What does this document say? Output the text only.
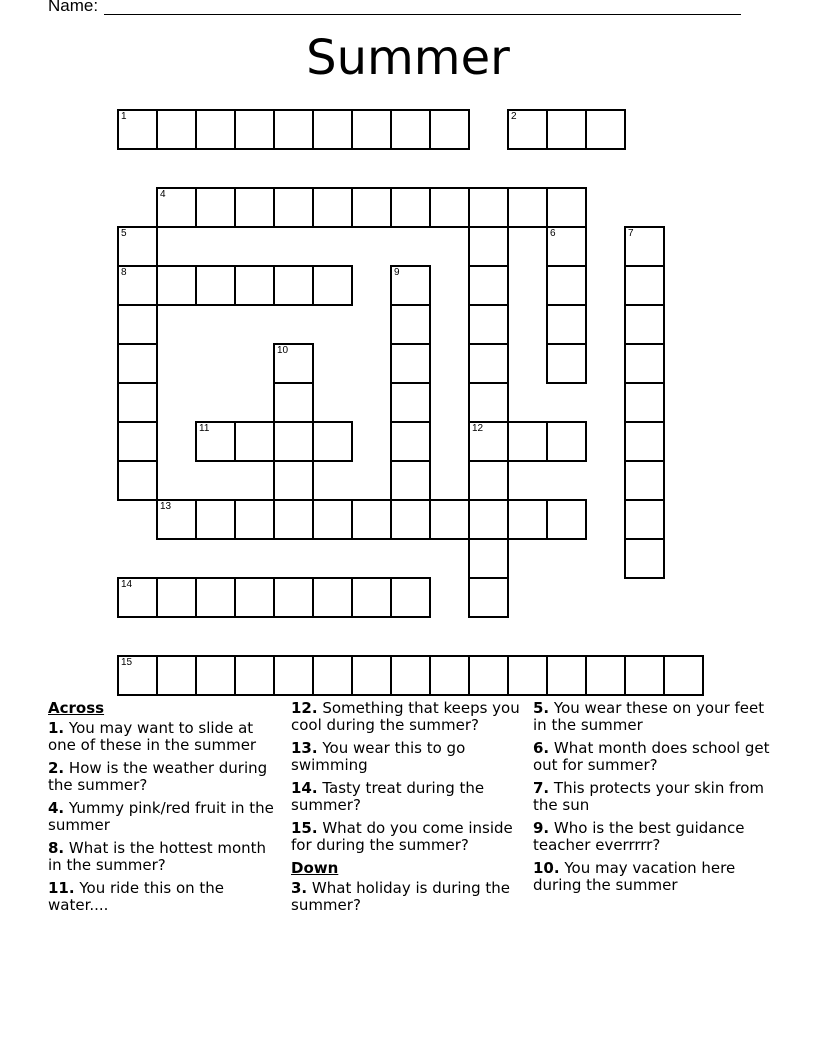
Name:
Summer
1	2
4
5	6	7
8	9
10
11	12
13
14
15
Across
1. You may want to slide at one of these in the summer
2. How is the weather during the summer?
4. Yummy pink/red fruit in the summer
8. What is the hottest month in the summer?
11. You ride this on the water....
12. Something that keeps you cool during the summer?
13. You wear this to go swimming
14. Tasty treat during the summer?
15. What do you come inside for during the summer?
Down
3. What holiday is during the summer?
5. You wear these on your feet in the summer
6. What month does school get out for summer?
7. This protects your skin from the sun
9. Who is the best guidance teacher everrrrr?
10. You may vacation here during the summer
